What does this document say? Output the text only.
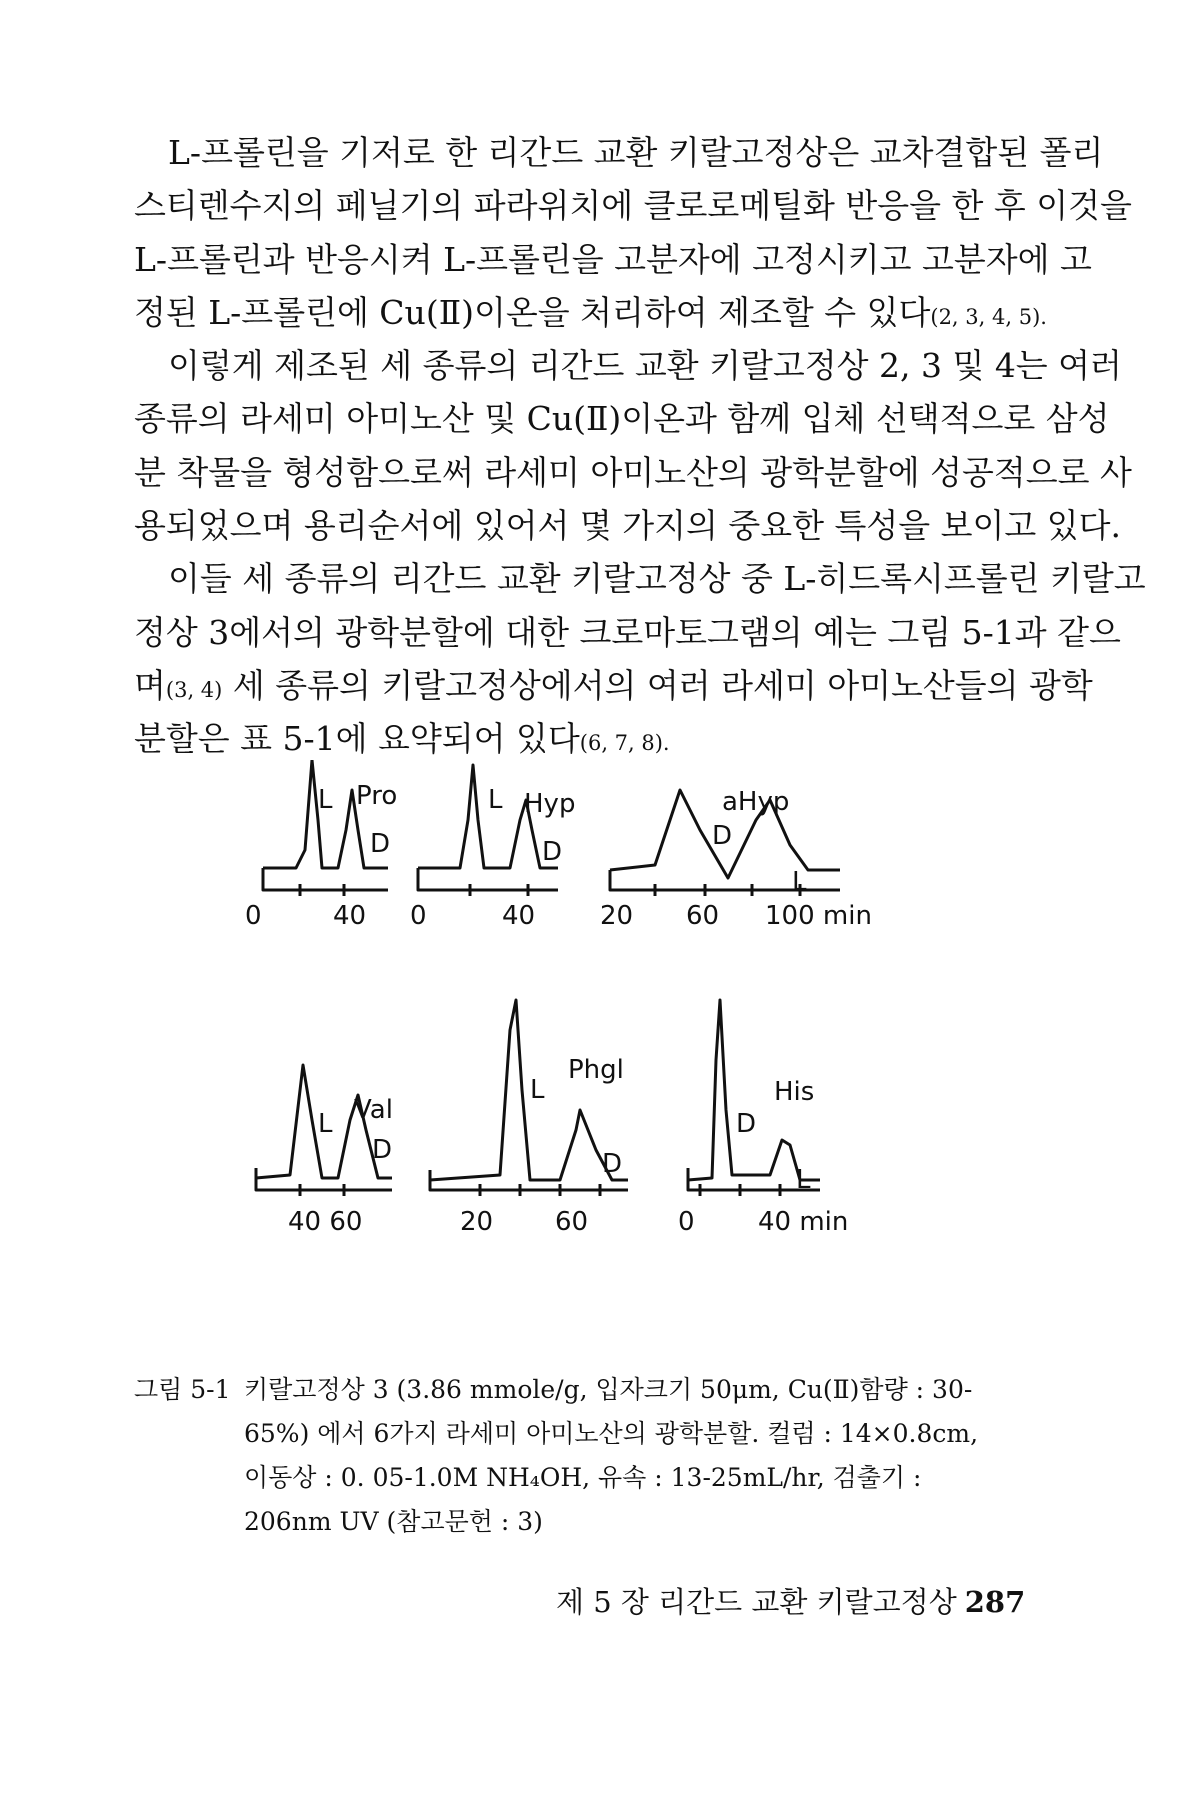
L-프롤린을 기저로 한 리간드 교환 키랄고정상은 교차결합된 폴리
스티렌수지의 페닐기의 파라위치에 클로로메틸화 반응을 한 후 이것을
L-프롤린과 반응시켜 L-프롤린을 고분자에 고정시키고 고분자에 고
정된 L-프롤린에 Cu(Ⅱ)이온을 처리하여 제조할 수 있다(2, 3, 4, 5).
이렇게 제조된 세 종류의 리간드 교환 키랄고정상 2, 3 및 4는 여러
종류의 라세미 아미노산 및 Cu(Ⅱ)이온과 함께 입체 선택적으로 삼성
분 착물을 형성함으로써 라세미 아미노산의 광학분할에 성공적으로 사
용되었으며 용리순서에 있어서 몇 가지의 중요한 특성을 보이고 있다.
이들 세 종류의 리간드 교환 키랄고정상 중 L-히드록시프롤린 키랄고
정상 3에서의 광학분할에 대한 크로마토그램의 예는 그림 5-1과 같으
며(3, 4) 세 종류의 키랄고정상에서의 여러 라세미 아미노산들의 광학
분할은 표 5-1에 요약되어 있다(6, 7, 8).
L Pro
D
0	40
L Hyp
D
0	40
D
aHyp
L
20 60 100 min
L Val
D
40 60
L
Phgl
D
20 60
D
His
L
0 40 min
그림 5-1 키랄고정상 3 (3.86 mmole/g, 입자크기 50μm, Cu(Ⅱ)함량 : 30-65%) 에서 6가지 라세미 아미노산의 광학분할. 컬럼 : 14×0.8cm, 이동상 : 0. 05-1.0M NH₄OH, 유속 : 13-25mL/hr, 검출기 : 206nm UV (참고문헌 : 3)
제 5 장 리간드 교환 키랄고정상 287
